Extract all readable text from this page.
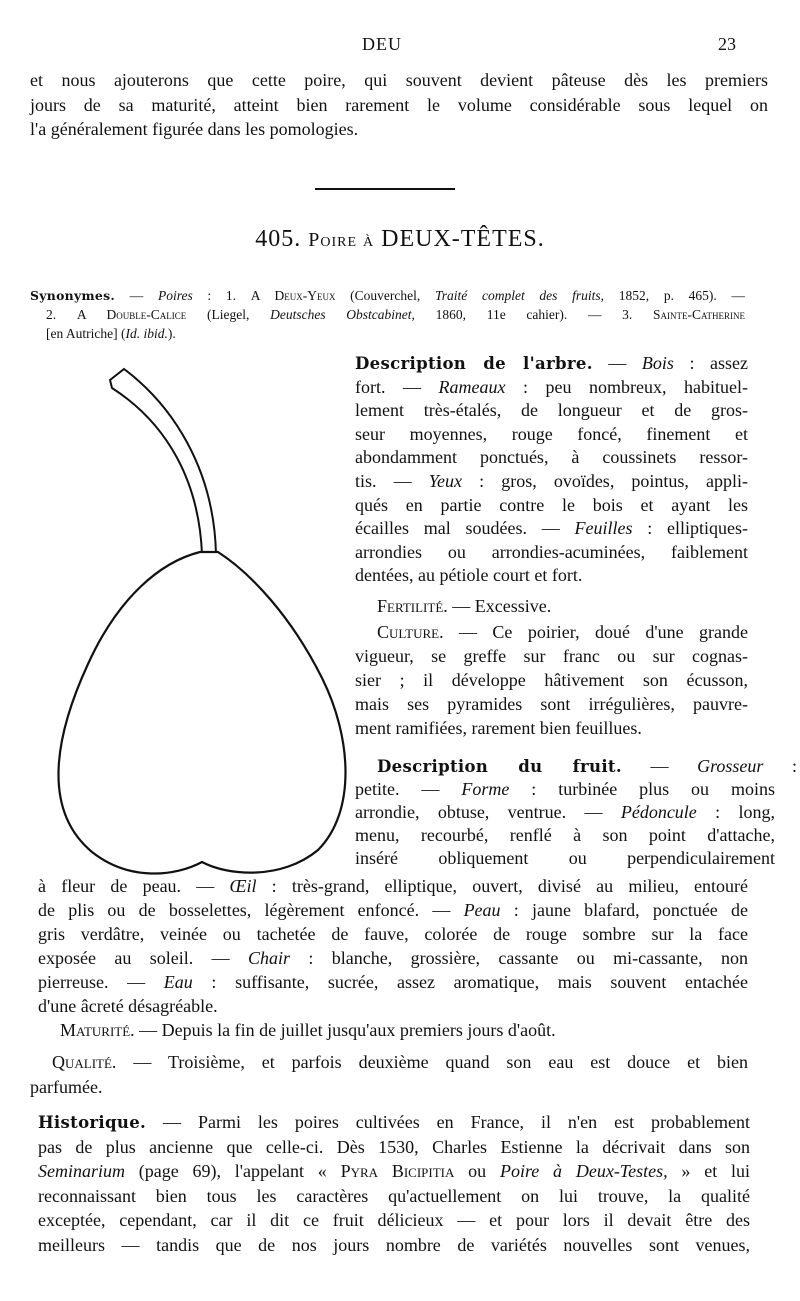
DEU	23
et nous ajouterons que cette poire, qui souvent devient pâteuse dès les premiers
jours de sa maturité, atteint bien rarement le volume considérable sous lequel on
l'a généralement figurée dans les pomologies.
405. Poire à DEUX-TÊTES.
Synonymes. — Poires : 1. A Deux-Yeux (Couverchel, Traité complet des fruits, 1852, p. 465). —
2. A Double-Calice (Liegel, Deutsches Obstcabinet, 1860, 11e cahier). — 3. Sainte-Catherine
[en Autriche] (Id. ibid.).
Description de l'arbre. — Bois : assez
fort. — Rameaux : peu nombreux, habituel-
lement très-étalés, de longueur et de gros-
seur moyennes, rouge foncé, finement et
abondamment ponctués, à coussinets ressor-
tis. — Yeux : gros, ovoïdes, pointus, appli-
qués en partie contre le bois et ayant les
écailles mal soudées. — Feuilles : elliptiques-
arrondies ou arrondies-acuminées, faiblement
dentées, au pétiole court et fort.
Fertilité. — Excessive.
Culture. — Ce poirier, doué d'une grande
vigueur, se greffe sur franc ou sur cognas-
sier ; il développe hâtivement son écusson,
mais ses pyramides sont irrégulières, pauvre-
ment ramifiées, rarement bien feuillues.
Description du fruit. — Grosseur :
petite. — Forme : turbinée plus ou moins
arrondie, obtuse, ventrue. — Pédoncule : long,
menu, recourbé, renflé à son point d'attache,
inséré obliquement ou perpendiculairement
à fleur de peau. — Œil : très-grand, elliptique, ouvert, divisé au milieu, entouré
de plis ou de bosselettes, légèrement enfoncé. — Peau : jaune blafard, ponctuée de
gris verdâtre, veinée ou tachetée de fauve, colorée de rouge sombre sur la face
exposée au soleil. — Chair : blanche, grossière, cassante ou mi-cassante, non
pierreuse. — Eau : suffisante, sucrée, assez aromatique, mais souvent entachée
d'une âcreté désagréable.
Maturité. — Depuis la fin de juillet jusqu'aux premiers jours d'août.
Qualité. — Troisième, et parfois deuxième quand son eau est douce et bien
parfumée.
Historique. — Parmi les poires cultivées en France, il n'en est probablement
pas de plus ancienne que celle-ci. Dès 1530, Charles Estienne la décrivait dans son
Seminarium (page 69), l'appelant « Pyra Bicipitia ou Poire à Deux-Testes, » et lui
reconnaissant bien tous les caractères qu'actuellement on lui trouve, la qualité
exceptée, cependant, car il dit ce fruit délicieux — et pour lors il devait être des
meilleurs — tandis que de nos jours nombre de variétés nouvelles sont venues,
